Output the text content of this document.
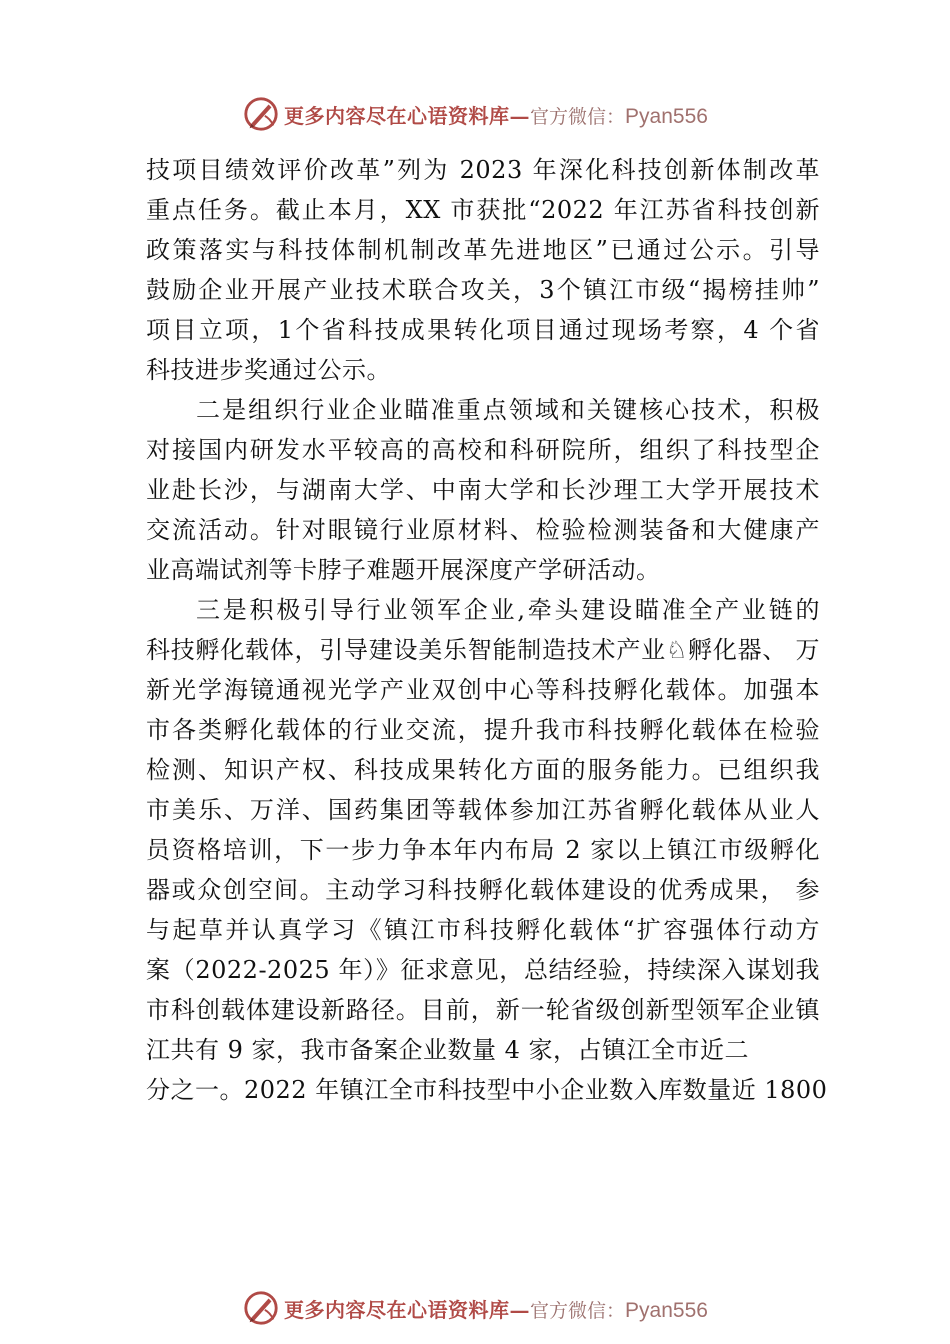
更多内容尽在心语资料库— 官方微信： Pyan556
技项目绩效评价改革”列为 2023 年深化科技创新体制改革
重点任务。截止本月，XX 市获批“2022 年江苏省科技创新
政策落实与科技体制机制改革先进地区”已通过公示。引导
鼓励企业开展产业技术联合攻关，3个镇江市级“揭榜挂帅”
项目立项，1个省科技成果转化项目通过现场考察，4 个省
科技进步奖通过公示。
二是组织行业企业瞄准重点领域和关键核心技术，积极
对接国内研发水平较高的高校和科研院所，组织了科技型企
业赴长沙，与湖南大学、中南大学和长沙理工大学开展技术
交流活动。针对眼镜行业原材料、检验检测装备和大健康产
业高端试剂等卡脖子难题开展深度产学研活动。
三是积极引导行业领军企业,牵头建设瞄准全产业链的
科技孵化载体，引导建设美乐智能制造技术产业♘孵化器、 万
新光学海镜通视光学产业双创中心等科技孵化载体。加强本
市各类孵化载体的行业交流，提升我市科技孵化载体在检验
检测、知识产权、科技成果转化方面的服务能力。已组织我
市美乐、万洋、国药集团等载体参加江苏省孵化载体从业人
员资格培训，下一步力争本年内布局 2 家以上镇江市级孵化
器或众创空间。主动学习科技孵化载体建设的优秀成果， 参
与起草并认真学习《镇江市科技孵化载体“扩容强体行动方
案（2022-2025 年）》征求意见，总结经验，持续深入谋划我
市科创载体建设新路径。目前，新一轮省级创新型领军企业镇
江共有 9 家，我市备案企业数量 4 家，占镇江全市近二
分之一。2022 年镇江全市科技型中小企业数入库数量近 1800
更多内容尽在心语资料库— 官方微信： Pyan556
